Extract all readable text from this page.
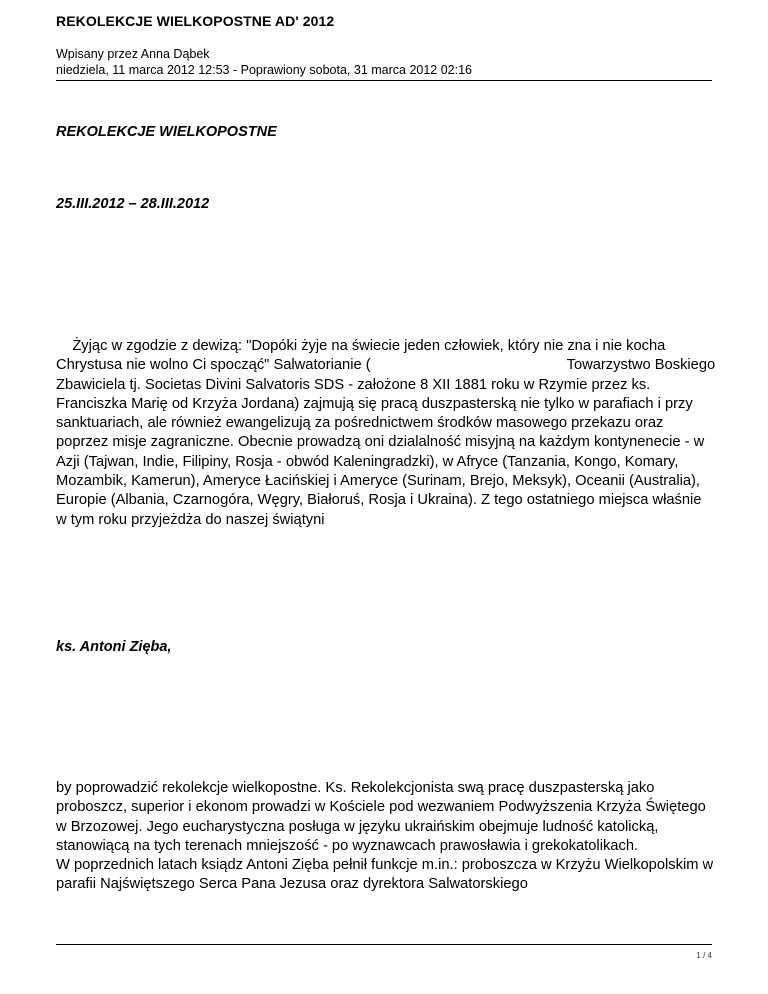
REKOLEKCJE WIELKOPOSTNE AD' 2012
Wpisany przez Anna Dąbek
niedziela, 11 marca 2012 12:53 - Poprawiony sobota, 31 marca 2012 02:16
REKOLEKCJE WIELKOPOSTNE
25.III.2012 – 28.III.2012

Żyjąc w zgodzie z dewizą: "Dopóki żyje na świecie jeden człowiek, który nie zna i nie kocha Chrystusa nie wolno Ci spocząć" Salwatorianie (	Towarzystwo Boskiego Zbawiciela tj. Societas Divini Salvatoris SDS - założone 8 XII 1881 roku w Rzymie przez ks. Franciszka Marię od Krzyża Jordana) zajmują się pracą duszpasterską nie tylko w parafiach i przy sanktuariach, ale również ewangelizują za pośrednictwem środków masowego przekazu oraz poprzez misje zagraniczne. Obecnie prowadzą oni dzialalność misyjną na każdym kontynenecie - w Azji (Tajwan, Indie, Filipiny, Rosja - obwód Kaleningradzki), w Afryce (Tanzania, Kongo, Komary, Mozambik, Kamerun), Ameryce Łacińskiej i Ameryce (Surinam, Brejo, Meksyk), Oceanii (Australia), Europie (Albania, Czarnogóra, Węgry, Białoruś, Rosja i Ukraina). Z tego ostatniego miejsca właśnie w tym roku przyjeżdża do naszej świątyni

ks. Antoni Zięba,

by poprowadzić rekolekcje wielkopostne. Ks. Rekolekcjonista swą pracę duszpasterską jako proboszcz, superior i ekonom prowadzi w Kościele pod wezwaniem Podwyższenia Krzyża Świętego w Brzozowej. Jego eucharystyczna posługa w języku ukraińskim obejmuje ludność katolicką, stanowiącą na tych terenach mniejszość - po wyznawcach prawosławia i grekokatolikach.
W poprzednich latach ksiądz Antoni Zięba pełnił funkcje m.in.: proboszcza w Krzyżu Wielkopolskim w parafii Najświętszego Serca Pana Jezusa oraz dyrektora Salwatorskiego

1 / 4
